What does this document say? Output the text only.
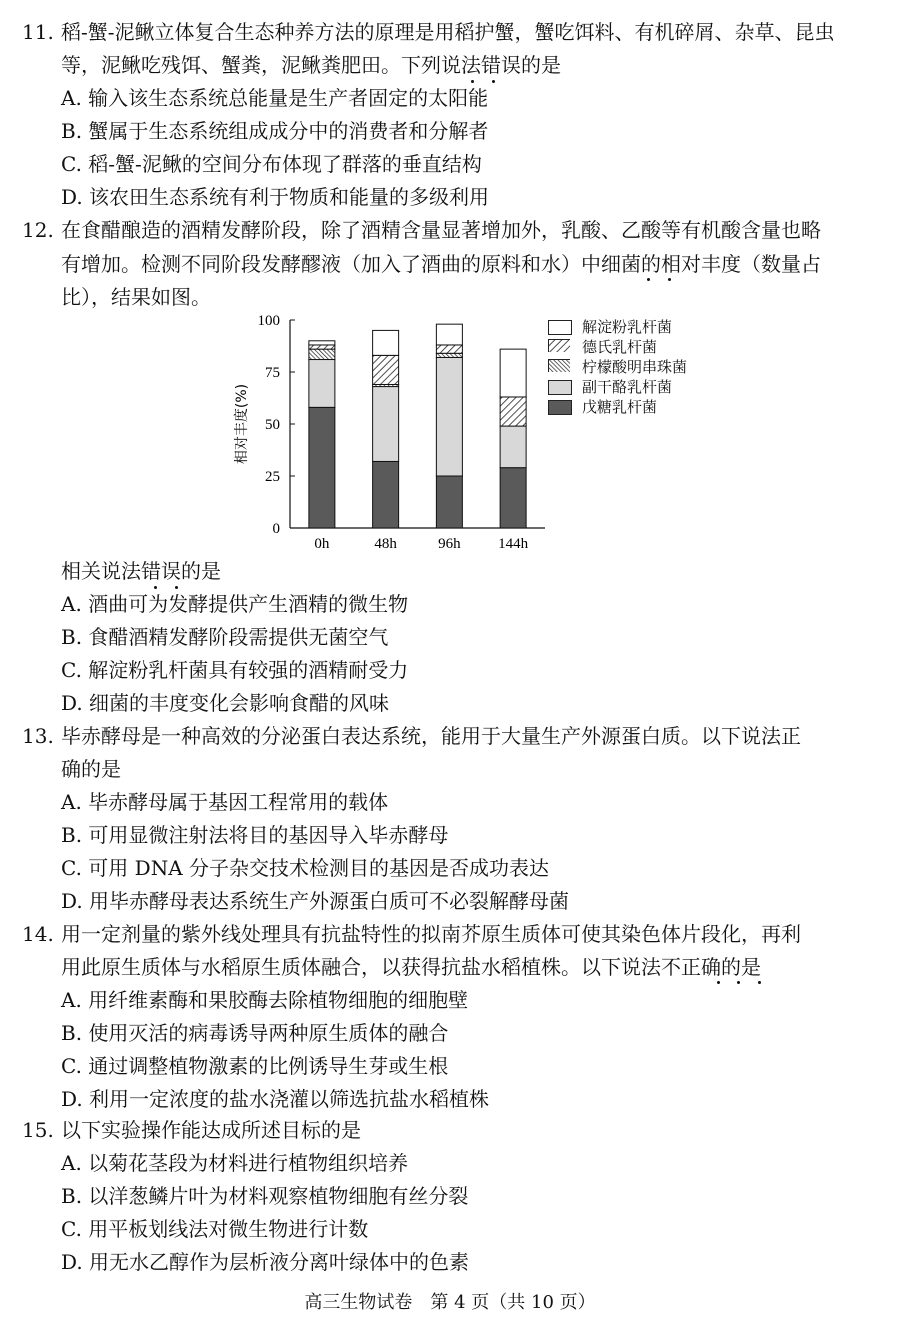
11. 稻-蟹-泥鳅立体复合生态种养方法的原理是用稻护蟹，蟹吃饵料、有机碎屑、杂草、昆虫
等，泥鳅吃残饵、蟹粪，泥鳅粪肥田。下列说法错误的是
A. 输入该生态系统总能量是生产者固定的太阳能
B. 蟹属于生态系统组成成分中的消费者和分解者
C. 稻-蟹-泥鳅的空间分布体现了群落的垂直结构
D. 该农田生态系统有利于物质和能量的多级利用
12. 在食醋酿造的酒精发酵阶段，除了酒精含量显著增加外，乳酸、乙酸等有机酸含量也略
有增加。检测不同阶段发酵醪液（加入了酒曲的原料和水）中细菌的相对丰度（数量占
比），结果如图。
0
25
50
75
100
相对丰度(%)
0h	48h	96h	144h
解淀粉乳杆菌
德氏乳杆菌
柠檬酸明串珠菌
副干酪乳杆菌
戊糖乳杆菌
相关说法错误的是
A. 酒曲可为发酵提供产生酒精的微生物
B. 食醋酒精发酵阶段需提供无菌空气
C. 解淀粉乳杆菌具有较强的酒精耐受力
D. 细菌的丰度变化会影响食醋的风味
13. 毕赤酵母是一种高效的分泌蛋白表达系统，能用于大量生产外源蛋白质。以下说法正
确的是
A. 毕赤酵母属于基因工程常用的载体
B. 可用显微注射法将目的基因导入毕赤酵母
C. 可用 DNA 分子杂交技术检测目的基因是否成功表达
D. 用毕赤酵母表达系统生产外源蛋白质可不必裂解酵母菌
14. 用一定剂量的紫外线处理具有抗盐特性的拟南芥原生质体可使其染色体片段化，再利
用此原生质体与水稻原生质体融合，以获得抗盐水稻植株。以下说法不正确的是
A. 用纤维素酶和果胶酶去除植物细胞的细胞壁
B. 使用灭活的病毒诱导两种原生质体的融合
C. 通过调整植物激素的比例诱导生芽或生根
D. 利用一定浓度的盐水浇灌以筛选抗盐水稻植株
15. 以下实验操作能达成所述目标的是
A. 以菊花茎段为材料进行植物组织培养
B. 以洋葱鳞片叶为材料观察植物细胞有丝分裂
C. 用平板划线法对微生物进行计数
D. 用无水乙醇作为层析液分离叶绿体中的色素
高三生物试卷　第 4 页（共 10 页）
